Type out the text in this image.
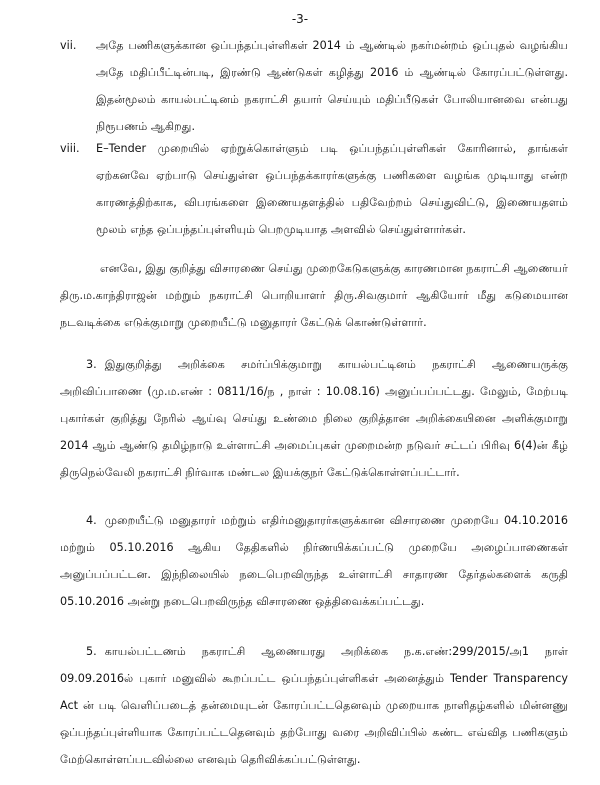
-3-
vii. அதே பணிகளுக்கான ஒப்பந்தப்புள்ளிகள் 2014 ம் ஆண்டில் நகர்மன்றம் ஒப்புதல் வழங்கிய அதே மதிப்பீட்டின்படி, இரண்டு ஆண்டுகள் கழித்து 2016 ம் ஆண்டில் கோரப்பட்டுள்ளது. இதன்மூலம் காயல்பட்டினம் நகராட்சி தயார் செய்யும் மதிப்பீடுகள் போலியானவை என்பது நிரூபணம் ஆகிறது.
viii. E–Tender முறையில் ஏற்றுக்கொள்ளும் படி ஒப்பந்தப்புள்ளிகள் கோரினால், தாங்கள் ஏற்கனவே ஏற்பாடு செய்துள்ள ஒப்பந்தக்காரர்களுக்கு பணிகளை வழங்க முடியாது என்ற காரணத்திற்காக, விபரங்களை இணையதளத்தில் பதிவேற்றம் செய்துவிட்டு, இணையதளம் மூலம் எந்த ஒப்பந்தப்புள்ளியும் பெறமுடியாத அளவில் செய்துள்ளார்கள்.
எனவே, இது குறித்து விசாரணை செய்து முறைகேடுகளுக்கு காரணமான நகராட்சி ஆணையர் திரு.ம.காந்திராஜன் மற்றும் நகராட்சி பொறியாளர் திரு.சிவகுமார் ஆகியோர் மீது கடுமையான நடவடிக்கை எடுக்குமாறு முறையீட்டு மனுதாரர் கேட்டுக் கொண்டுள்ளார்.
3. இதுகுறித்து அறிக்கை சமர்ப்பிக்குமாறு காயல்பட்டினம் நகராட்சி ஆணையருக்கு அறிவிப்பாணை (மு.ம.எண் : 0811/16/ந , நாள் : 10.08.16) அனுப்பப்பட்டது. மேலும், மேற்படி புகார்கள் குறித்து நேரில் ஆய்வு செய்து உண்மை நிலை குறித்தான அறிக்கையினை அளிக்குமாறு 2014 ஆம் ஆண்டு தமிழ்நாடு உள்ளாட்சி அமைப்புகள் முறைமன்ற நடுவர் சட்டப் பிரிவு 6(4)ன் கீழ் திருநெல்வேலி நகராட்சி நிர்வாக மண்டல இயக்குநர் கேட்டுக்கொள்ளப்பட்டார்.
4. முறையீட்டு மனுதாரர் மற்றும் எதிர்மனுதாரர்களுக்கான விசாரணை முறையே 04.10.2016 மற்றும் 05.10.2016 ஆகிய தேதிகளில் நிர்ணயிக்கப்பட்டு முறையே அழைப்பாணைகள் அனுப்பப்பட்டன. இந்நிலையில் நடைபெறவிருந்த உள்ளாட்சி சாதாரண தேர்தல்களைக் கருதி 05.10.2016 அன்று நடைபெறவிருந்த விசாரணை ஒத்திவைக்கப்பட்டது.
5. காயல்பட்டணம் நகராட்சி ஆணையரது அறிக்கை ந.க.எண்:299/2015/அ1 நாள் 09.09.2016ல் புகார் மனுவில் கூறப்பட்ட ஒப்பந்தப்புள்ளிகள் அனைத்தும் Tender Transparency Act ன் படி வெளிப்படைத் தன்மையுடன் கோரப்பட்டதெனவும் முறையாக நாளிதழ்களில் மின்னணு ஒப்பந்தப்புள்ளியாக கோரப்பட்டதெனவும் தற்போது வரை அறிவிப்பில் கண்ட எவ்வித பணிகளும் மேற்கொள்ளப்படவில்லை எனவும் தெரிவிக்கப்பட்டுள்ளது.
